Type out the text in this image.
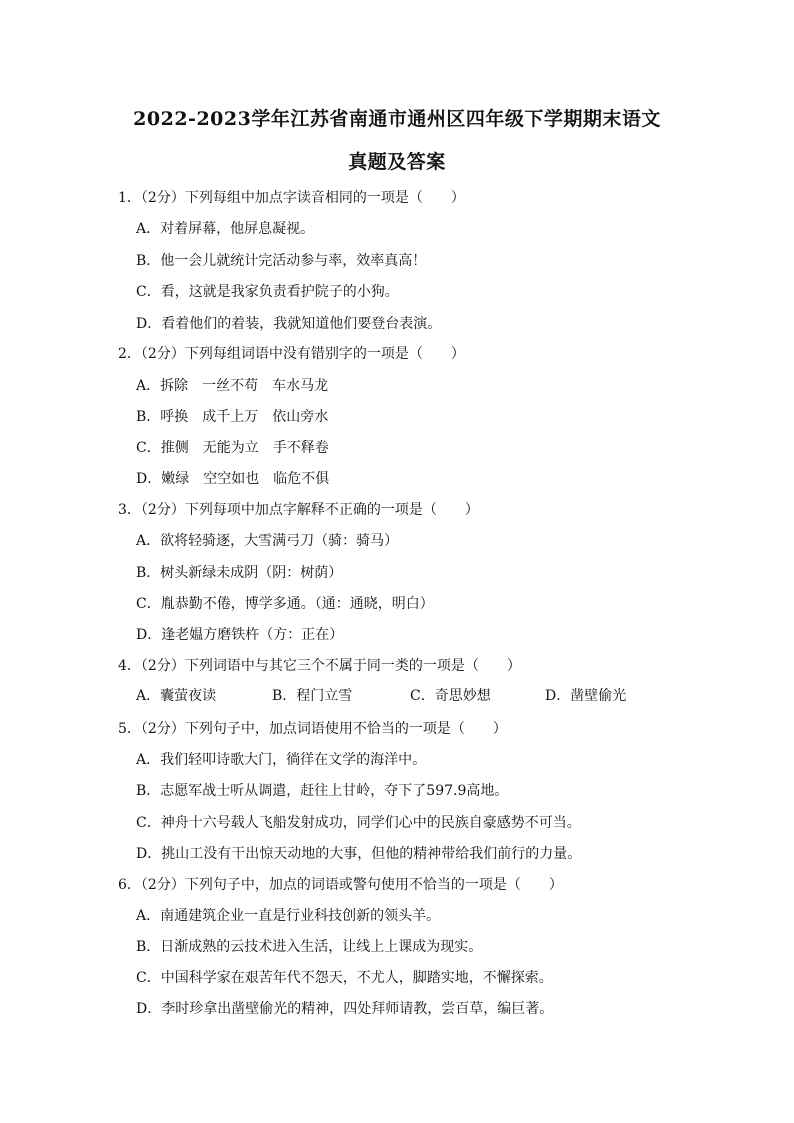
2022-2023学年江苏省南通市通州区四年级下学期期末语文
真题及答案
1．（2分）下列每组中加点字读音相同的一项是（　　）
A．对着屏幕，他屏息凝视。
B．他一会儿就统计完活动参与率，效率真高！
C．看，这就是我家负责看护院子的小狗。
D．看着他们的着装，我就知道他们要登台表演。
2．（2分）下列每组词语中没有错别字的一项是（　　）
A．拆除　一丝不苟　车水马龙
B．呼换　成千上万　依山旁水
C．推侧　无能为立　手不释卷
D．嫩绿　空空如也　临危不俱
3．（2分）下列每项中加点字解释不正确的一项是（　　）
A．欲将轻骑逐，大雪满弓刀（骑：骑马）
B．树头新绿未成阴（阴：树荫）
C．胤恭勤不倦，博学多通。（通：通晓，明白）
D．逢老媪方磨铁杵（方：正在）
4．（2分）下列词语中与其它三个不属于同一类的一项是（　　）
A．囊萤夜读	B．程门立雪	C．奇思妙想	D．凿壁偷光
5．（2分）下列句子中，加点词语使用不恰当的一项是（　　）
A．我们轻叩诗歌大门，徜徉在文学的海洋中。
B．志愿军战士听从调遣，赶往上甘岭，夺下了597.9高地。
C．神舟十六号载人飞船发射成功，同学们心中的民族自豪感势不可当。
D．挑山工没有干出惊天动地的大事，但他的精神带给我们前行的力量。
6．（2分）下列句子中，加点的词语或警句使用不恰当的一项是（　　）
A．南通建筑企业一直是行业科技创新的领头羊。
B．日渐成熟的云技术进入生活，让线上上课成为现实。
C．中国科学家在艰苦年代不怨天，不尤人，脚踏实地，不懈探索。
D．李时珍拿出凿壁偷光的精神，四处拜师请教，尝百草，编巨著。
